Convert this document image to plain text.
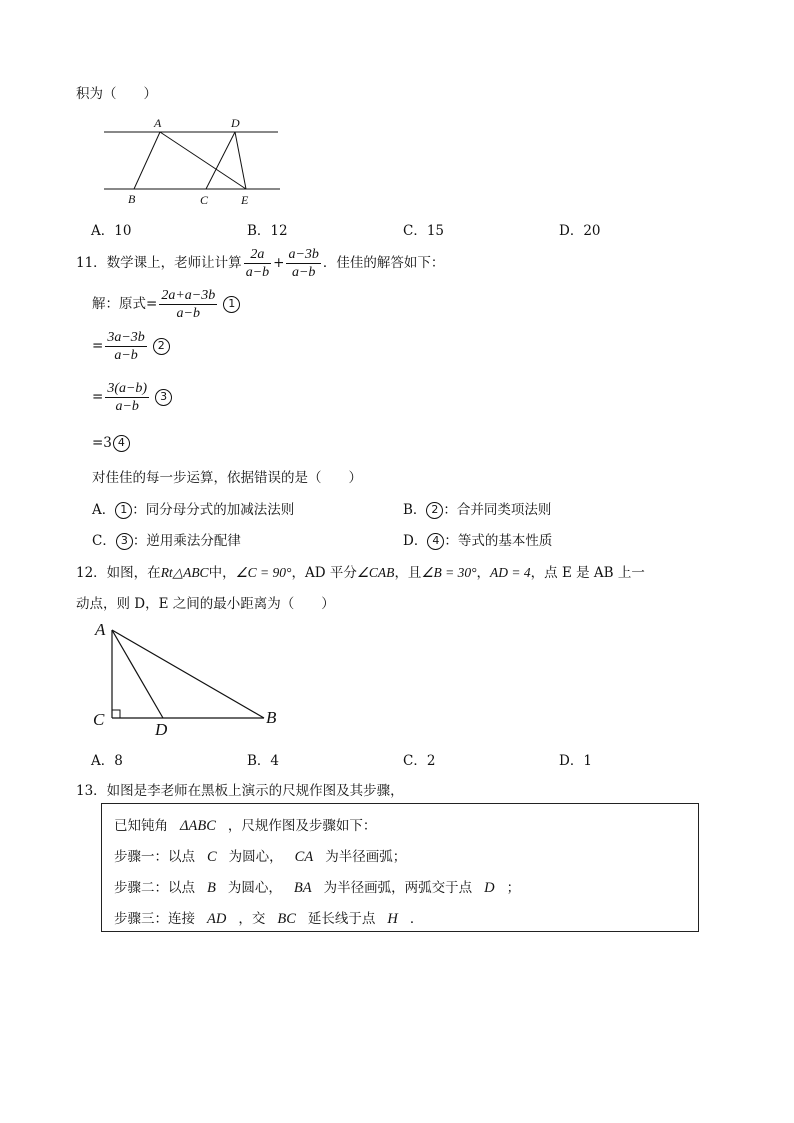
积为（　　）
A	D
B	C	E
A．10	B．12	C．15	D．20
11．数学课上，老师让计算 $\frac{2a}{a-b} + \frac{a-3b}{a-b}$ ．佳佳的解答如下：
解：原式= $\frac{2a+a-3b}{a-b} 1$
= $\frac{3a-3b}{a-b} 2$
= $\frac{3(a-b)}{a-b} 3$
=3 4
对佳佳的每一步运算，依据错误的是（　　）
A． 1 ：同分母分式的加减法法则	B． 2 ：合并同类项法则
C． 3 ：逆用乘法分配律	D． 4 ：等式的基本性质
12．如图，在Rt△ABC中，∠C = 90°，AD 平分∠CAB，且∠B = 30°，AD = 4，点 E 是 AB 上一
动点，则 D，E 之间的最小距离为（　　）
A
C
D
B
A．8	B．4	C．2	D．1
13．如图是李老师在黑板上演示的尺规作图及其步骤，
已知钝角 ΔABC ，尺规作图及步骤如下：
步骤一：以点 C 为圆心， CA 为半径画弧；
步骤二：以点 B 为圆心， BA 为半径画弧，两弧交于点 D ；
步骤三：连接 AD ，交 BC 延长线于点 H ．
